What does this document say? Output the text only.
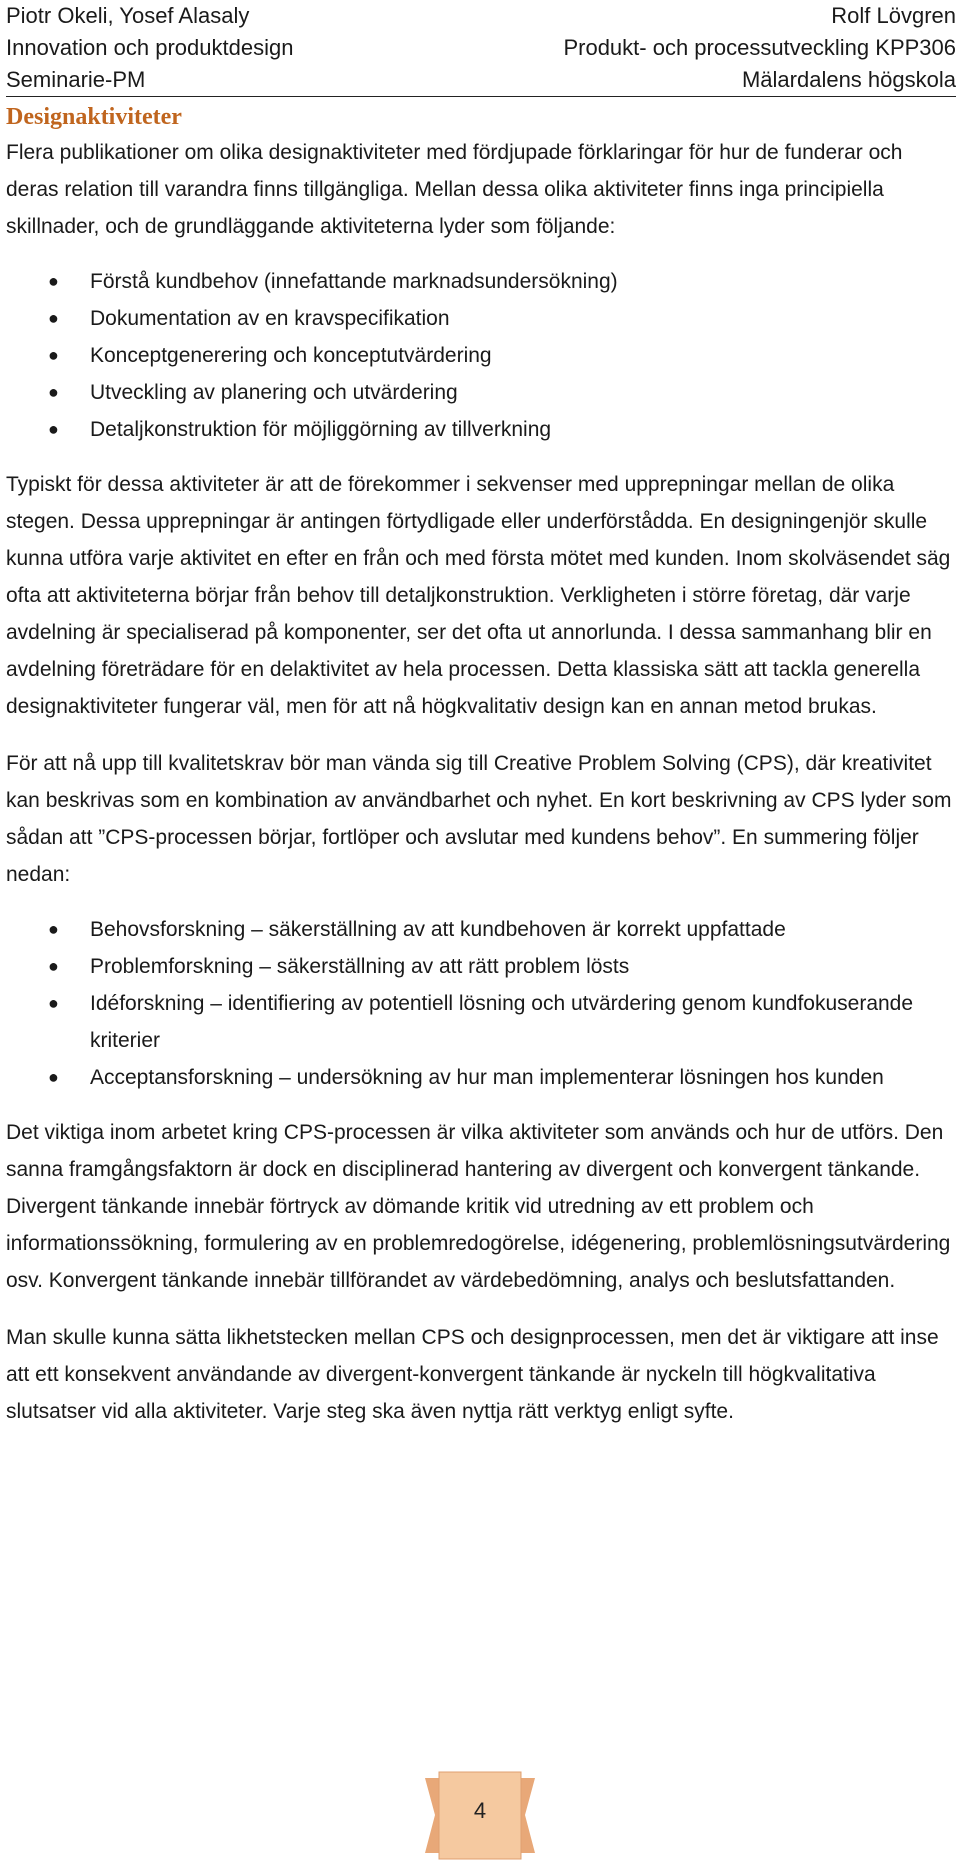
Piotr Okeli, Yosef Alasaly
Innovation och produktdesign
Seminarie-PM
Rolf Lövgren
Produkt- och processutveckling KPP306
Mälardalens högskola
Designaktiviteter

Flera publikationer om olika designaktiviteter med fördjupade förklaringar för hur de funderar och deras relation till varandra finns tillgängliga. Mellan dessa olika aktiviteter finns inga principiella skillnader, och de grundläggande aktiviteterna lyder som följande:

● Förstå kundbehov (innefattande marknadsundersökning)
● Dokumentation av en kravspecifikation
● Konceptgenerering och konceptutvärdering
● Utveckling av planering och utvärdering
● Detaljkonstruktion för möjliggörning av tillverkning

Typiskt för dessa aktiviteter är att de förekommer i sekvenser med upprepningar mellan de olika stegen. Dessa upprepningar är antingen förtydligade eller underförstådda. En designingenjör skulle kunna utföra varje aktivitet en efter en från och med första mötet med kunden. Inom skolväsendet säg ofta att aktiviteterna börjar från behov till detaljkonstruktion. Verkligheten i större företag, där varje avdelning är specialiserad på komponenter, ser det ofta ut annorlunda. I dessa sammanhang blir en avdelning företrädare för en delaktivitet av hela processen. Detta klassiska sätt att tackla generella designaktiviteter fungerar väl, men för att nå högkvalitativ design kan en annan metod brukas.

För att nå upp till kvalitetskrav bör man vända sig till Creative Problem Solving (CPS), där kreativitet kan beskrivas som en kombination av användbarhet och nyhet. En kort beskrivning av CPS lyder som sådan att ”CPS-processen börjar, fortlöper och avslutar med kundens behov”. En summering följer nedan:

● Behovsforskning – säkerställning av att kundbehoven är korrekt uppfattade
● Problemforskning – säkerställning av att rätt problem lösts
● Idéforskning – identifiering av potentiell lösning och utvärdering genom kundfokuserande kriterier
● Acceptansforskning – undersökning av hur man implementerar lösningen hos kunden

Det viktiga inom arbetet kring CPS-processen är vilka aktiviteter som används och hur de utförs. Den sanna framgångsfaktorn är dock en disciplinerad hantering av divergent och konvergent tänkande. Divergent tänkande innebär förtryck av dömande kritik vid utredning av ett problem och informationssökning, formulering av en problemredogörelse, idégenering, problemlösningsutvärdering osv. Konvergent tänkande innebär tillförandet av värdebedömning, analys och beslutsfattanden.

Man skulle kunna sätta likhetstecken mellan CPS och designprocessen, men det är viktigare att inse att ett konsekvent användande av divergent-konvergent tänkande är nyckeln till högkvalitativa slutsatser vid alla aktiviteter. Varje steg ska även nyttja rätt verktyg enligt syfte.

4
